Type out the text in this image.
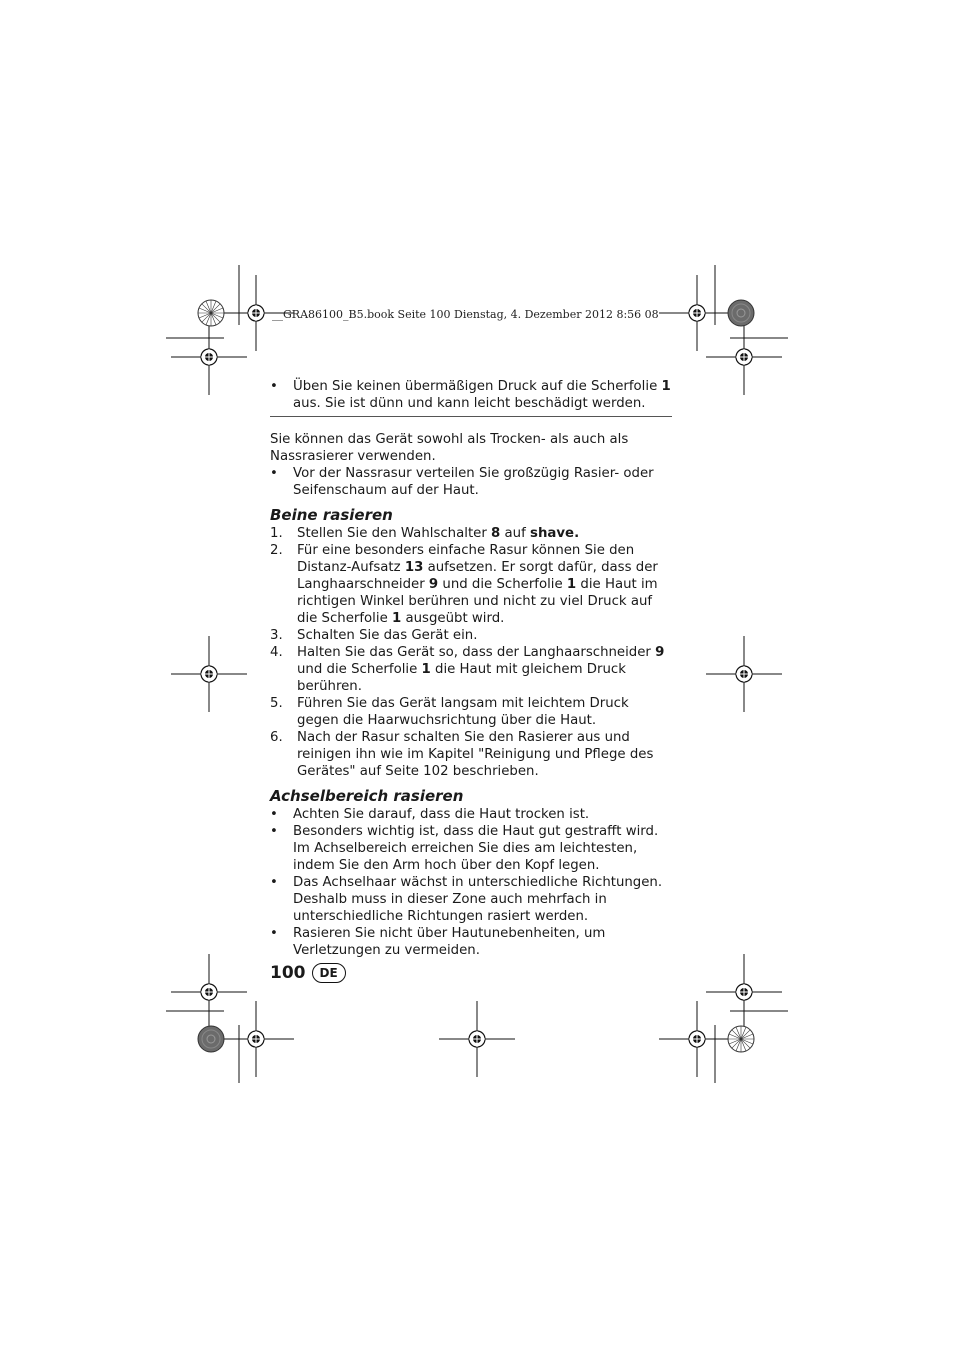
__GRA86100_B5.book Seite 100 Dienstag, 4. Dezember 2012 8:56 08
• Üben Sie keinen übermäßigen Druck auf die Scherfolie 1 aus. Sie ist dünn und kann leicht beschädigt werden.
Sie können das Gerät sowohl als Trocken- als auch als Nassrasierer verwenden.
• Vor der Nassrasur verteilen Sie großzügig Rasier- oder Seifenschaum auf der Haut.
Beine rasieren
1. Stellen Sie den Wahlschalter 8 auf shave.
2. Für eine besonders einfache Rasur können Sie den Distanz-Aufsatz 13 aufsetzen. Er sorgt dafür, dass der Langhaarschneider 9 und die Scherfolie 1 die Haut im richtigen Winkel berühren und nicht zu viel Druck auf die Scherfolie 1 ausgeübt wird.
3. Schalten Sie das Gerät ein.
4. Halten Sie das Gerät so, dass der Langhaarschneider 9 und die Scherfolie 1 die Haut mit gleichem Druck berühren.
5. Führen Sie das Gerät langsam mit leichtem Druck gegen die Haarwuchsrichtung über die Haut.
6. Nach der Rasur schalten Sie den Rasierer aus und reinigen ihn wie im Kapitel "Reinigung und Pflege des Gerätes" auf Seite 102 beschrieben.
Achselbereich rasieren
• Achten Sie darauf, dass die Haut trocken ist.
• Besonders wichtig ist, dass die Haut gut gestrafft wird. Im Achselbereich erreichen Sie dies am leichtesten, indem Sie den Arm hoch über den Kopf legen.
• Das Achselhaar wächst in unterschiedliche Richtungen. Deshalb muss in dieser Zone auch mehrfach in unterschiedliche Richtungen rasiert werden.
• Rasieren Sie nicht über Hautunebenheiten, um Verletzungen zu vermeiden.
100	DE
